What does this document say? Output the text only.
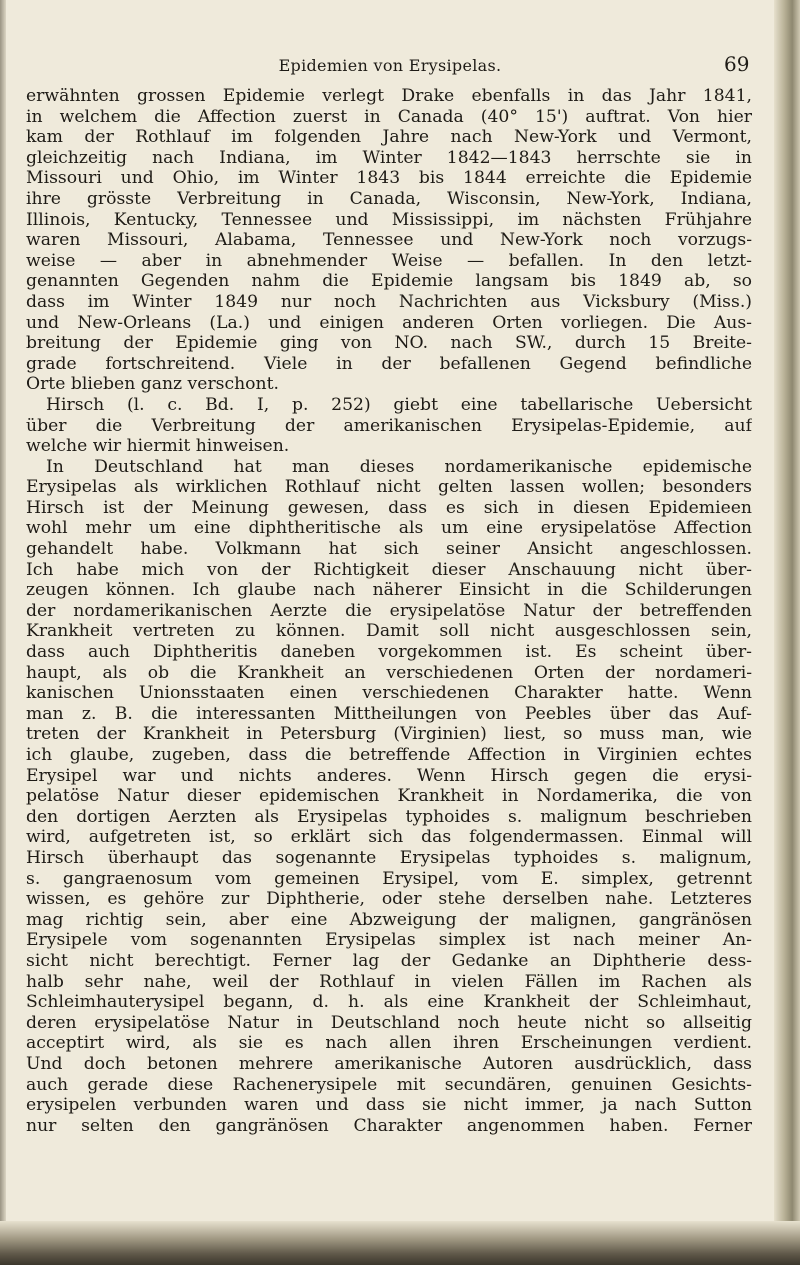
Epidemien von Erysipelas.	69
erwähnten grossen Epidemie verlegt Drake ebenfalls in das Jahr 1841,
in welchem die Affection zuerst in Canada (40° 15') auftrat. Von hier
kam der Rothlauf im folgenden Jahre nach New-York und Vermont,
gleichzeitig nach Indiana, im Winter 1842—1843 herrschte sie in
Missouri und Ohio, im Winter 1843 bis 1844 erreichte die Epidemie
ihre grösste Verbreitung in Canada, Wisconsin, New-York, Indiana,
Illinois, Kentucky, Tennessee und Mississippi, im nächsten Frühjahre
waren Missouri, Alabama, Tennessee und New-York noch vorzugs-
weise — aber in abnehmender Weise — befallen. In den letzt-
genannten Gegenden nahm die Epidemie langsam bis 1849 ab, so
dass im Winter 1849 nur noch Nachrichten aus Vicksbury (Miss.)
und New-Orleans (La.) und einigen anderen Orten vorliegen. Die Aus-
breitung der Epidemie ging von NO. nach SW., durch 15 Breite-
grade fortschreitend. Viele in der befallenen Gegend befindliche
Orte blieben ganz verschont.
Hirsch (l. c. Bd. I, p. 252) giebt eine tabellarische Uebersicht
über die Verbreitung der amerikanischen Erysipelas-Epidemie, auf
welche wir hiermit hinweisen.
In Deutschland hat man dieses nordamerikanische epidemische
Erysipelas als wirklichen Rothlauf nicht gelten lassen wollen; besonders
Hirsch ist der Meinung gewesen, dass es sich in diesen Epidemieen
wohl mehr um eine diphtheritische als um eine erysipelatöse Affection
gehandelt habe. Volkmann hat sich seiner Ansicht angeschlossen.
Ich habe mich von der Richtigkeit dieser Anschauung nicht über-
zeugen können. Ich glaube nach näherer Einsicht in die Schilderungen
der nordamerikanischen Aerzte die erysipelatöse Natur der betreffenden
Krankheit vertreten zu können. Damit soll nicht ausgeschlossen sein,
dass auch Diphtheritis daneben vorgekommen ist. Es scheint über-
haupt, als ob die Krankheit an verschiedenen Orten der nordameri-
kanischen Unionsstaaten einen verschiedenen Charakter hatte. Wenn
man z. B. die interessanten Mittheilungen von Peebles über das Auf-
treten der Krankheit in Petersburg (Virginien) liest, so muss man, wie
ich glaube, zugeben, dass die betreffende Affection in Virginien echtes
Erysipel war und nichts anderes. Wenn Hirsch gegen die erysi-
pelatöse Natur dieser epidemischen Krankheit in Nordamerika, die von
den dortigen Aerzten als Erysipelas typhoides s. malignum beschrieben
wird, aufgetreten ist, so erklärt sich das folgendermassen. Einmal will
Hirsch überhaupt das sogenannte Erysipelas typhoides s. malignum,
s. gangraenosum vom gemeinen Erysipel, vom E. simplex, getrennt
wissen, es gehöre zur Diphtherie, oder stehe derselben nahe. Letzteres
mag richtig sein, aber eine Abzweigung der malignen, gangränösen
Erysipele vom sogenannten Erysipelas simplex ist nach meiner An-
sicht nicht berechtigt. Ferner lag der Gedanke an Diphtherie dess-
halb sehr nahe, weil der Rothlauf in vielen Fällen im Rachen als
Schleimhauterysipel begann, d. h. als eine Krankheit der Schleimhaut,
deren erysipelatöse Natur in Deutschland noch heute nicht so allseitig
acceptirt wird, als sie es nach allen ihren Erscheinungen verdient.
Und doch betonen mehrere amerikanische Autoren ausdrücklich, dass
auch gerade diese Rachenerysipele mit secundären, genuinen Gesichts-
erysipelen verbunden waren und dass sie nicht immer, ja nach Sutton
nur selten den gangränösen Charakter angenommen haben. Ferner
